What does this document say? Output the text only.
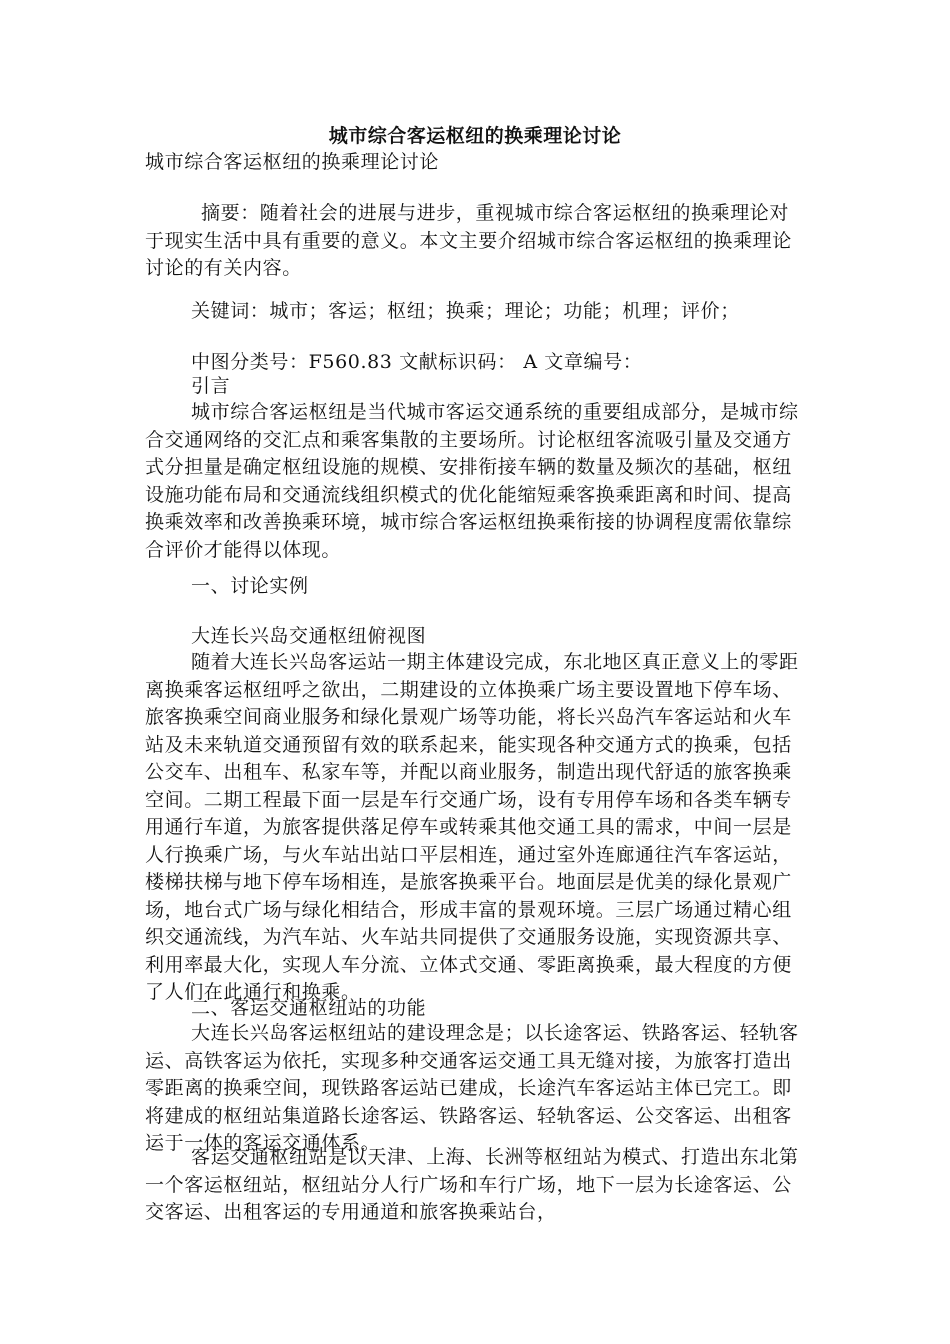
城市综合客运枢纽的换乘理论讨论

城市综合客运枢纽的换乘理论讨论

摘要：随着社会的进展与进步，重视城市综合客运枢纽的换乘理论对于现实生活中具有重要的意义。本文主要介绍城市综合客运枢纽的换乘理论讨论的有关内容。

关键词：城市；客运；枢纽；换乘；理论；功能；机理；评价；

中图分类号：F560.83 文献标识码： A 文章编号：

引言

城市综合客运枢纽是当代城市客运交通系统的重要组成部分，是城市综合交通网络的交汇点和乘客集散的主要场所。讨论枢纽客流吸引量及交通方式分担量是确定枢纽设施的规模、安排衔接车辆的数量及频次的基础，枢纽设施功能布局和交通流线组织模式的优化能缩短乘客换乘距离和时间、提高换乘效率和改善换乘环境，城市综合客运枢纽换乘衔接的协调程度需依靠综合评价才能得以体现。

一、讨论实例

大连长兴岛交通枢纽俯视图

随着大连长兴岛客运站一期主体建设完成，东北地区真正意义上的零距离换乘客运枢纽呼之欲出，二期建设的立体换乘广场主要设置地下停车场、旅客换乘空间商业服务和绿化景观广场等功能，将长兴岛汽车客运站和火车站及未来轨道交通预留有效的联系起来，能实现各种交通方式的换乘，包括公交车、出租车、私家车等，并配以商业服务，制造出现代舒适的旅客换乘空间。二期工程最下面一层是车行交通广场，设有专用停车场和各类车辆专用通行车道，为旅客提供落足停车或转乘其他交通工具的需求，中间一层是人行换乘广场，与火车站出站口平层相连，通过室外连廊通往汽车客运站，楼梯扶梯与地下停车场相连，是旅客换乘平台。地面层是优美的绿化景观广场，地台式广场与绿化相结合，形成丰富的景观环境。三层广场通过精心组织交通流线，为汽车站、火车站共同提供了交通服务设施，实现资源共享、利用率最大化，实现人车分流、立体式交通、零距离换乘，最大程度的方便了人们在此通行和换乘。

二、客运交通枢纽站的功能

大连长兴岛客运枢纽站的建设理念是；以长途客运、铁路客运、轻轨客运、高铁客运为依托，实现多种交通客运交通工具无缝对接，为旅客打造出零距离的换乘空间，现铁路客运站已建成，长途汽车客运站主体已完工。即将建成的枢纽站集道路长途客运、铁路客运、轻轨客运、公交客运、出租客运于一体的客运交通体系。

客运交通枢纽站是以天津、上海、长洲等枢纽站为模式、打造出东北第一个客运枢纽站，枢纽站分人行广场和车行广场，地下一层为长途客运、公交客运、出租客运的专用通道和旅客换乘站台，
